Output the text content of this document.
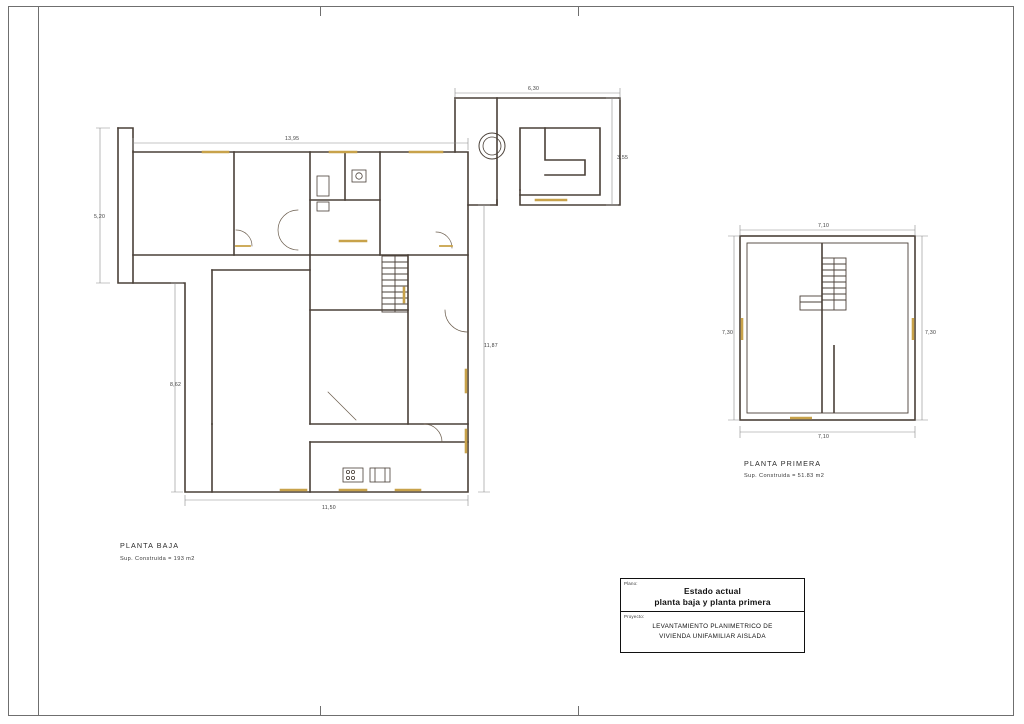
13,95
6,30
3,55
5,20
8,62
11,50
11,87
PLANTA BAJA
Sup. Construida = 193 m2
7,10
7,10
7,30	7,30
PLANTA PRIMERA
Sup. Construida = 51.83 m2
Plano:
Estado actual
planta baja y planta primera
Proyecto:
LEVANTAMIENTO PLANIMETRICO DE
VIVIENDA UNIFAMILIAR AISLADA
